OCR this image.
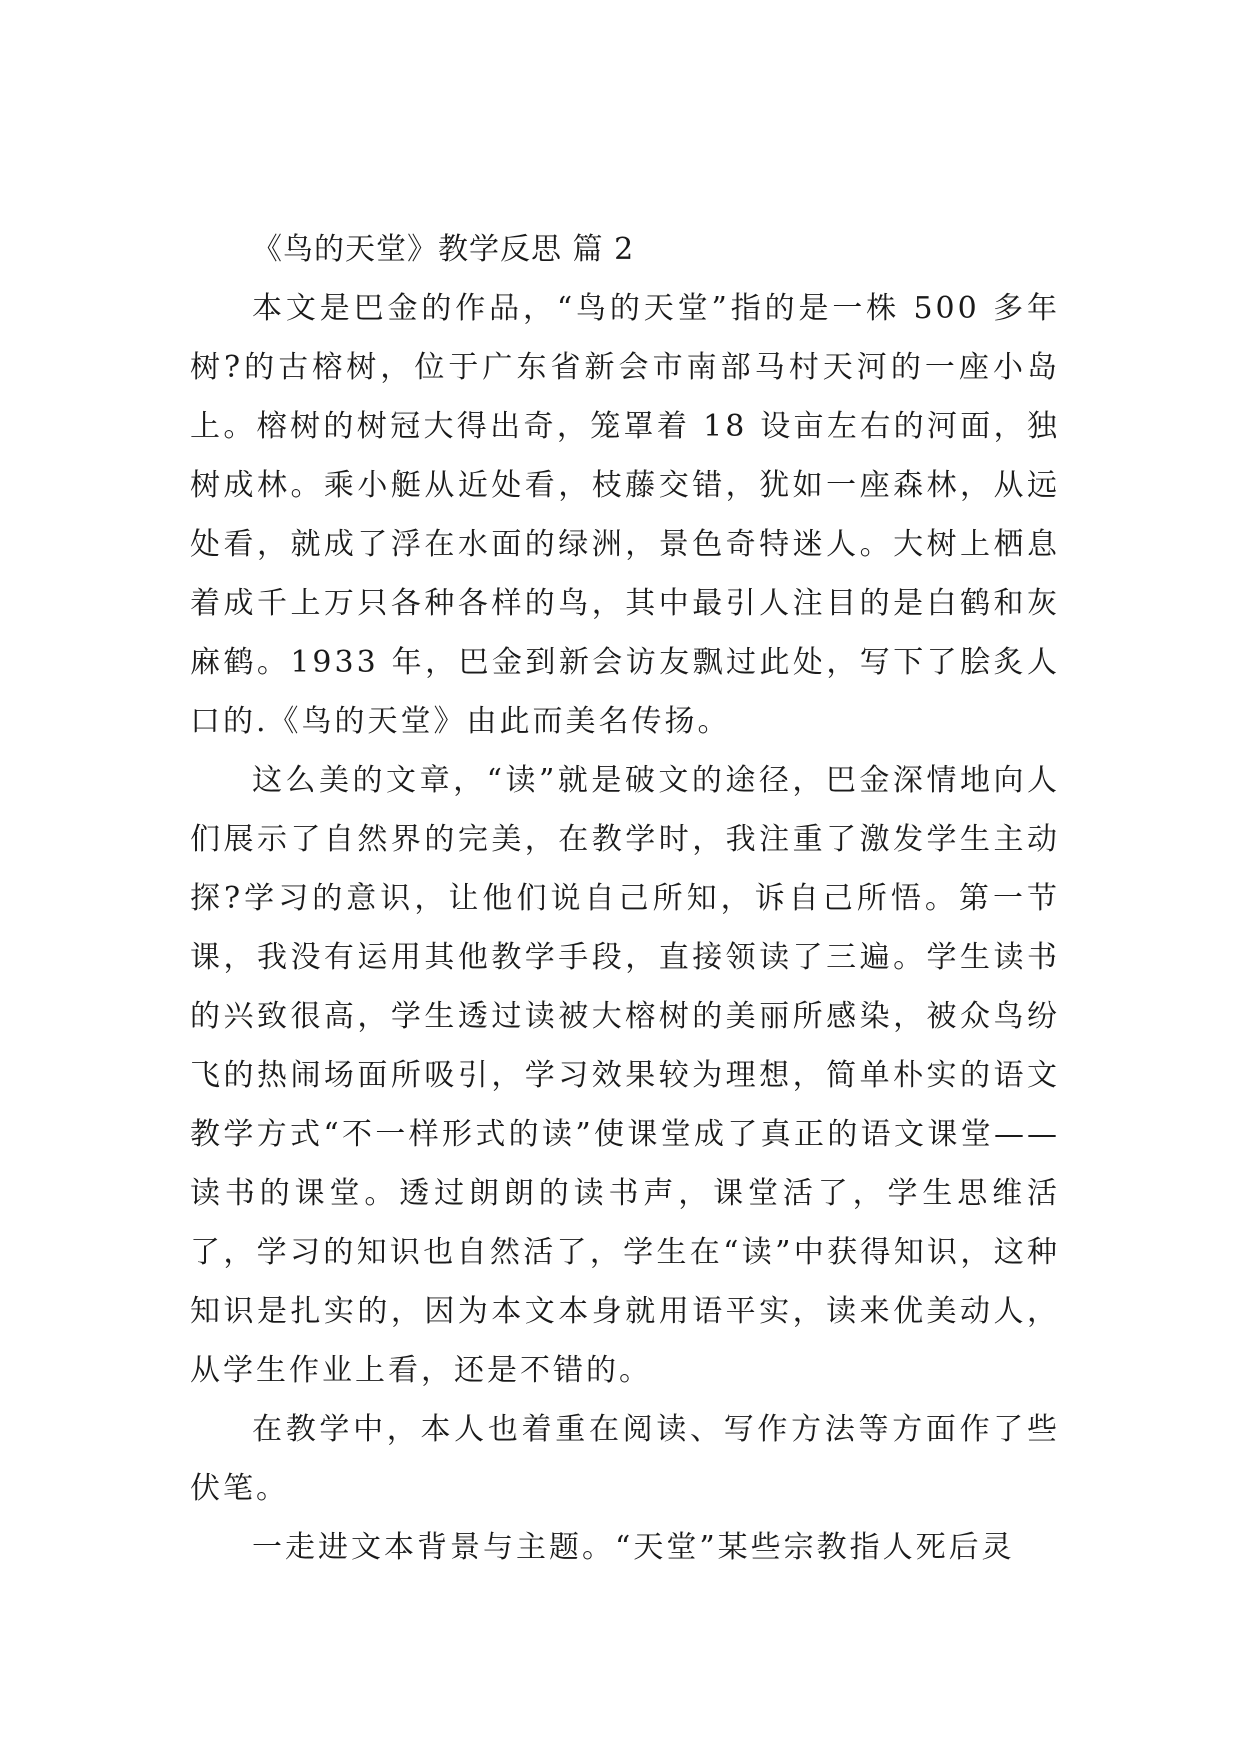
《鸟的天堂》教学反思 篇 2

本文是巴金的作品，“鸟的天堂”指的是一株 500 多年树?的古榕树，位于广东省新会市南部马村天河的一座小岛上。榕树的树冠大得出奇，笼罩着 18 设亩左右的河面，独树成林。乘小艇从近处看，枝藤交错，犹如一座森林，从远处看，就成了浮在水面的绿洲，景色奇特迷人。大树上栖息着成千上万只各种各样的鸟，其中最引人注目的是白鹤和灰麻鹤。1933 年，巴金到新会访友飘过此处，写下了脍炙人口的.《鸟的天堂》由此而美名传扬。

这么美的文章，“读”就是破文的途径，巴金深情地向人们展示了自然界的完美，在教学时，我注重了激发学生主动探?学习的意识，让他们说自己所知，诉自己所悟。第一节课，我没有运用其他教学手段，直接领读了三遍。学生读书的兴致很高，学生透过读被大榕树的美丽所感染，被众鸟纷飞的热闹场面所吸引，学习效果较为理想，简单朴实的语文教学方式“不一样形式的读”使课堂成了真正的语文课堂——读书的课堂。透过朗朗的读书声，课堂活了，学生思维活了，学习的知识也自然活了，学生在“读”中获得知识，这种知识是扎实的，因为本文本身就用语平实，读来优美动人，从学生作业上看，还是不错的。

在教学中，本人也着重在阅读、写作方法等方面作了些伏笔。

一走进文本背景与主题。“天堂”某些宗教指人死后灵
